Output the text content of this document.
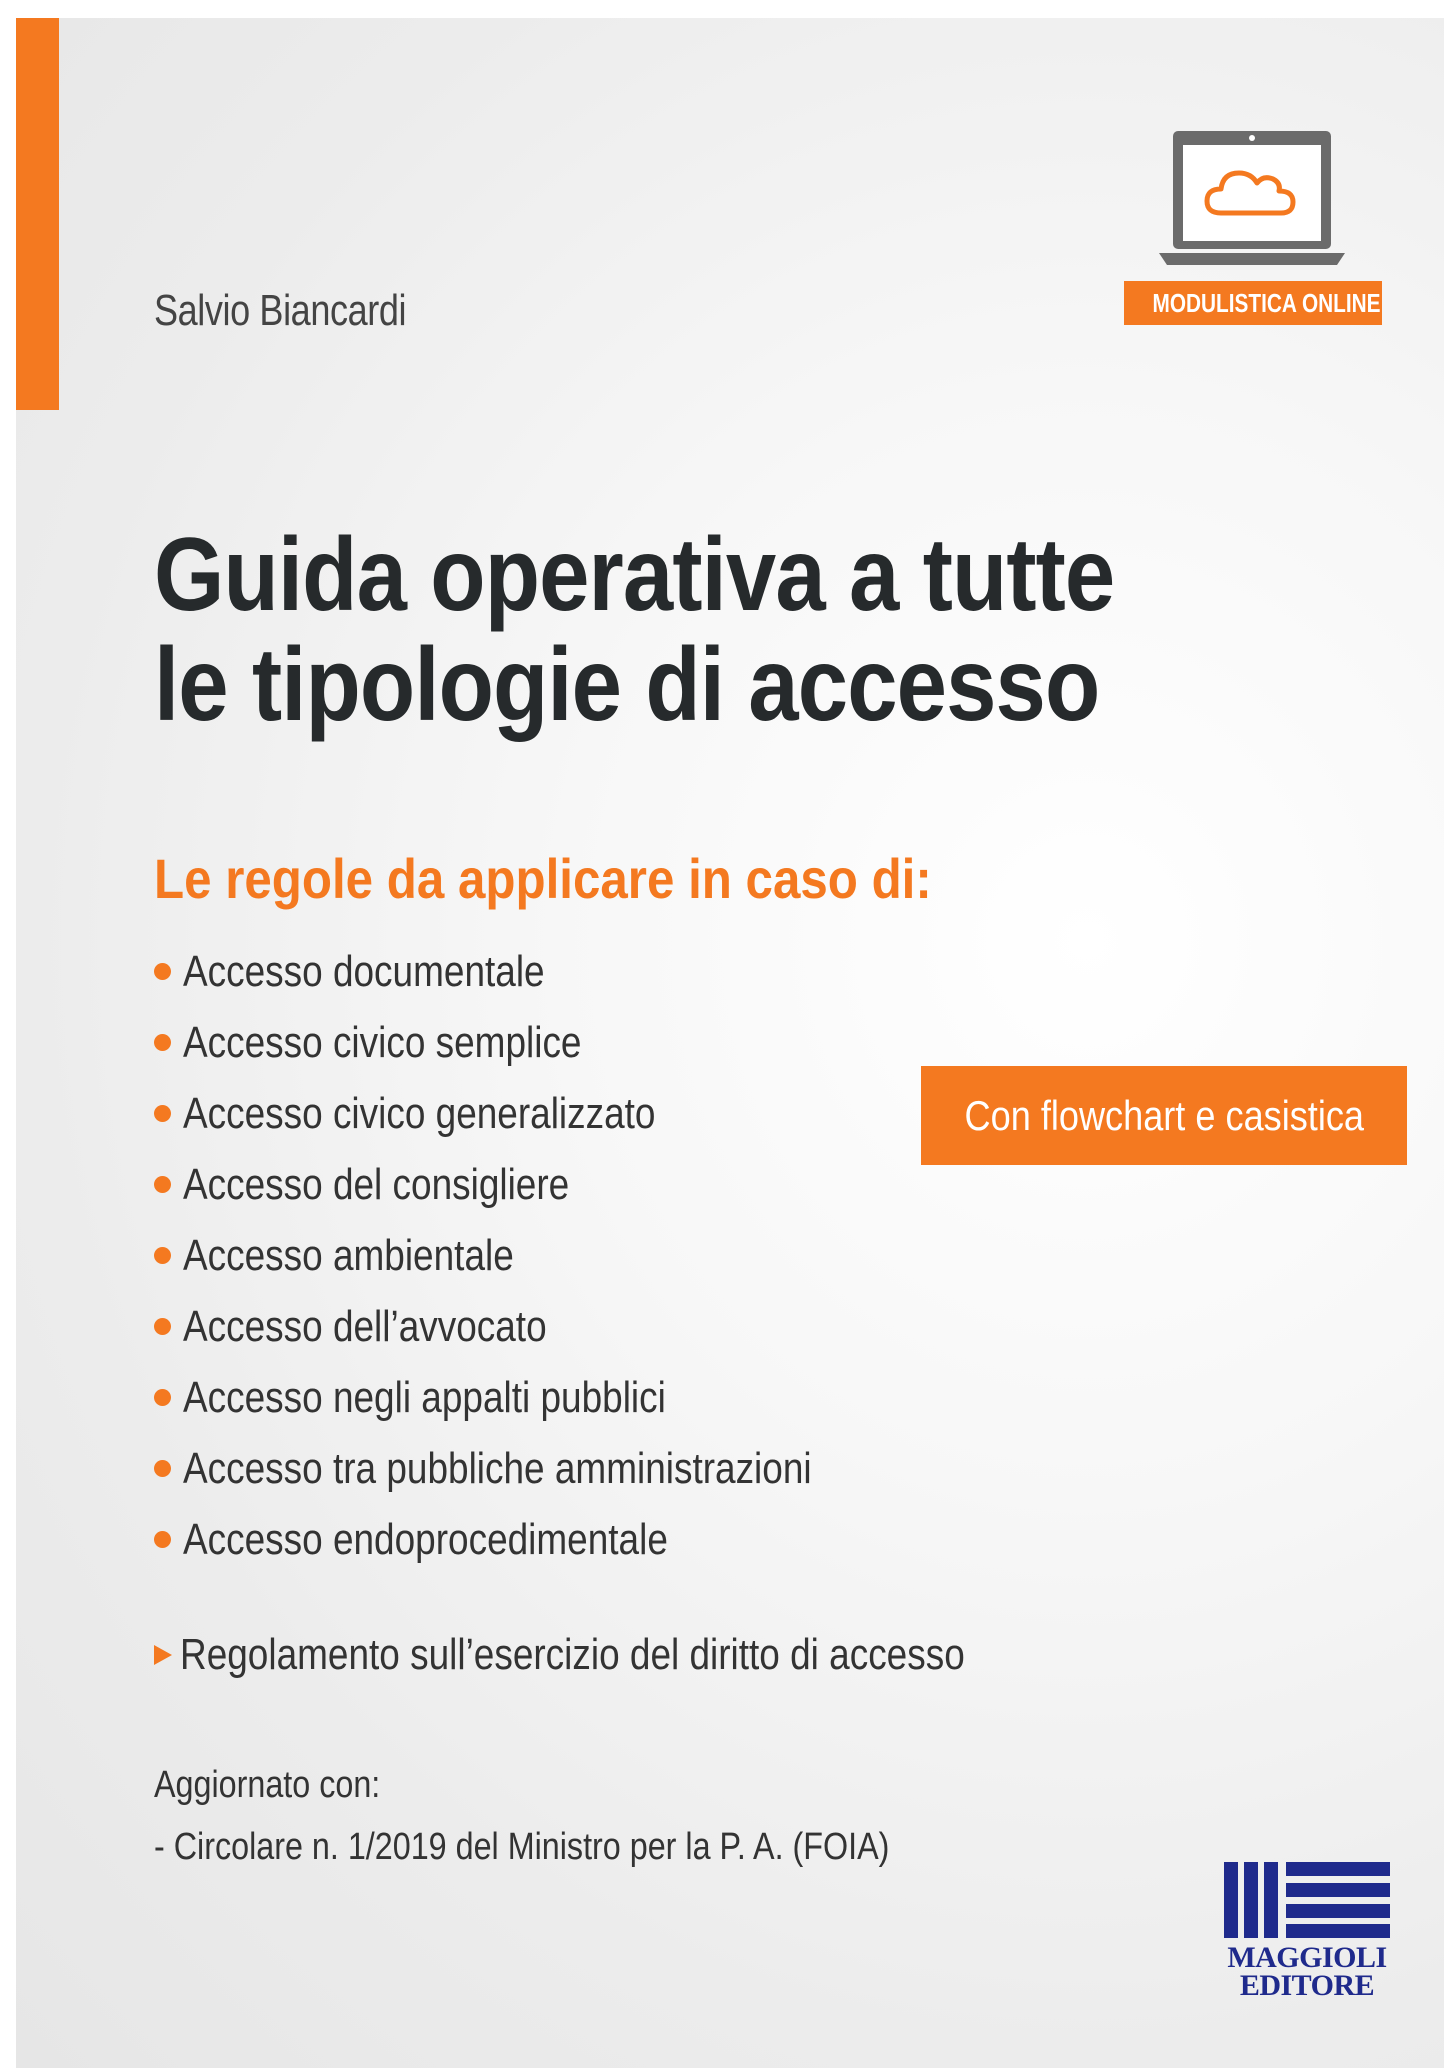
Salvio Biancardi	MODULISTICA ONLINE
Guida operativa a tutte
le tipologie di accesso
Le regole da applicare in caso di:
Accesso documentale
Accesso civico semplice
Accesso civico generalizzato
Accesso del consigliere
Accesso ambientale
Accesso dell’avvocato
Accesso negli appalti pubblici
Accesso tra pubbliche amministrazioni
Accesso endoprocedimentale
Con flowchart e casistica
Regolamento sull’esercizio del diritto di accesso
Aggiornato con:
- Circolare n. 1/2019 del Ministro per la P. A. (FOIA)
MAGGIOLI
EDITORE
